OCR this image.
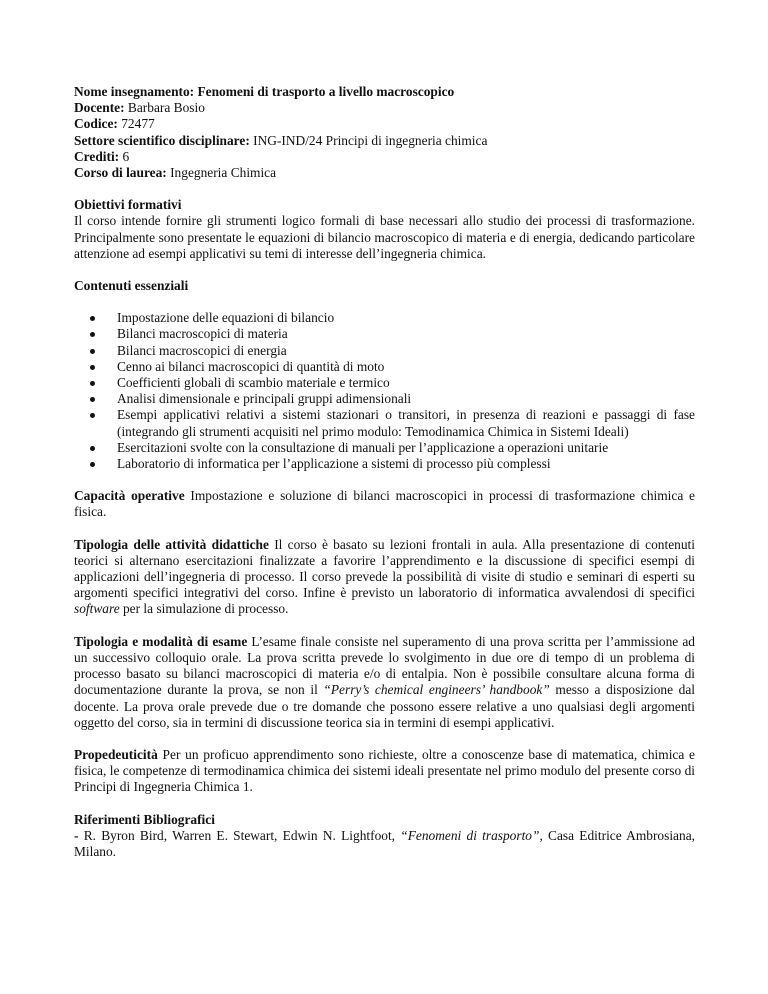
Nome insegnamento: Fenomeni di trasporto a livello macroscopico

Docente: Barbara Bosio

Codice: 72477

Settore scientifico disciplinare: ING-IND/24 Principi di ingegneria chimica

Crediti: 6

Corso di laurea: Ingegneria Chimica

Obiettivi formativi

Il corso intende fornire gli strumenti logico formali di base necessari allo studio dei processi di trasformazione. Principalmente sono presentate le equazioni di bilancio macroscopico di materia e di energia, dedicando particolare attenzione ad esempi applicativi su temi di interesse dell’ingegneria chimica.

Contenuti essenziali

Impostazione delle equazioni di bilancio
Bilanci macroscopici di materia
Bilanci macroscopici di energia
Cenno ai bilanci macroscopici di quantità di moto
Coefficienti globali di scambio materiale e termico
Analisi dimensionale e principali gruppi adimensionali
Esempi applicativi relativi a sistemi stazionari o transitori, in presenza di reazioni e passaggi di fase (integrando gli strumenti acquisiti nel primo modulo: Temodinamica Chimica in Sistemi Ideali)
Esercitazioni svolte con la consultazione di manuali per l’applicazione a operazioni unitarie
Laboratorio di informatica per l’applicazione a sistemi di processo più complessi

Capacità operative Impostazione e soluzione di bilanci macroscopici in processi di trasformazione chimica e fisica.

Tipologia delle attività didattiche Il corso è basato su lezioni frontali in aula. Alla presentazione di contenuti teorici si alternano esercitazioni finalizzate a favorire l’apprendimento e la discussione di specifici esempi di applicazioni dell’ingegneria di processo. Il corso prevede la possibilità di visite di studio e seminari di esperti su argomenti specifici integrativi del corso. Infine è previsto un laboratorio di informatica avvalendosi di specifici software per la simulazione di processo.

Tipologia e modalità di esame L’esame finale consiste nel superamento di una prova scritta per l’ammissione ad un successivo colloquio orale. La prova scritta prevede lo svolgimento in due ore di tempo di un problema di processo basato su bilanci macroscopici di materia e/o di entalpia. Non è possibile consultare alcuna forma di documentazione durante la prova, se non il “Perry’s chemical engineers’ handbook” messo a disposizione dal docente. La prova orale prevede due o tre domande che possono essere relative a uno qualsiasi degli argomenti oggetto del corso, sia in termini di discussione teorica sia in termini di esempi applicativi.

Propedeuticità Per un proficuo apprendimento sono richieste, oltre a conoscenze base di matematica, chimica e fisica, le competenze di termodinamica chimica dei sistemi ideali presentate nel primo modulo del presente corso di Principi di Ingegneria Chimica 1.

Riferimenti Bibliografici

- R. Byron Bird, Warren E. Stewart, Edwin N. Lightfoot, “Fenomeni di trasporto”, Casa Editrice Ambrosiana, Milano.
